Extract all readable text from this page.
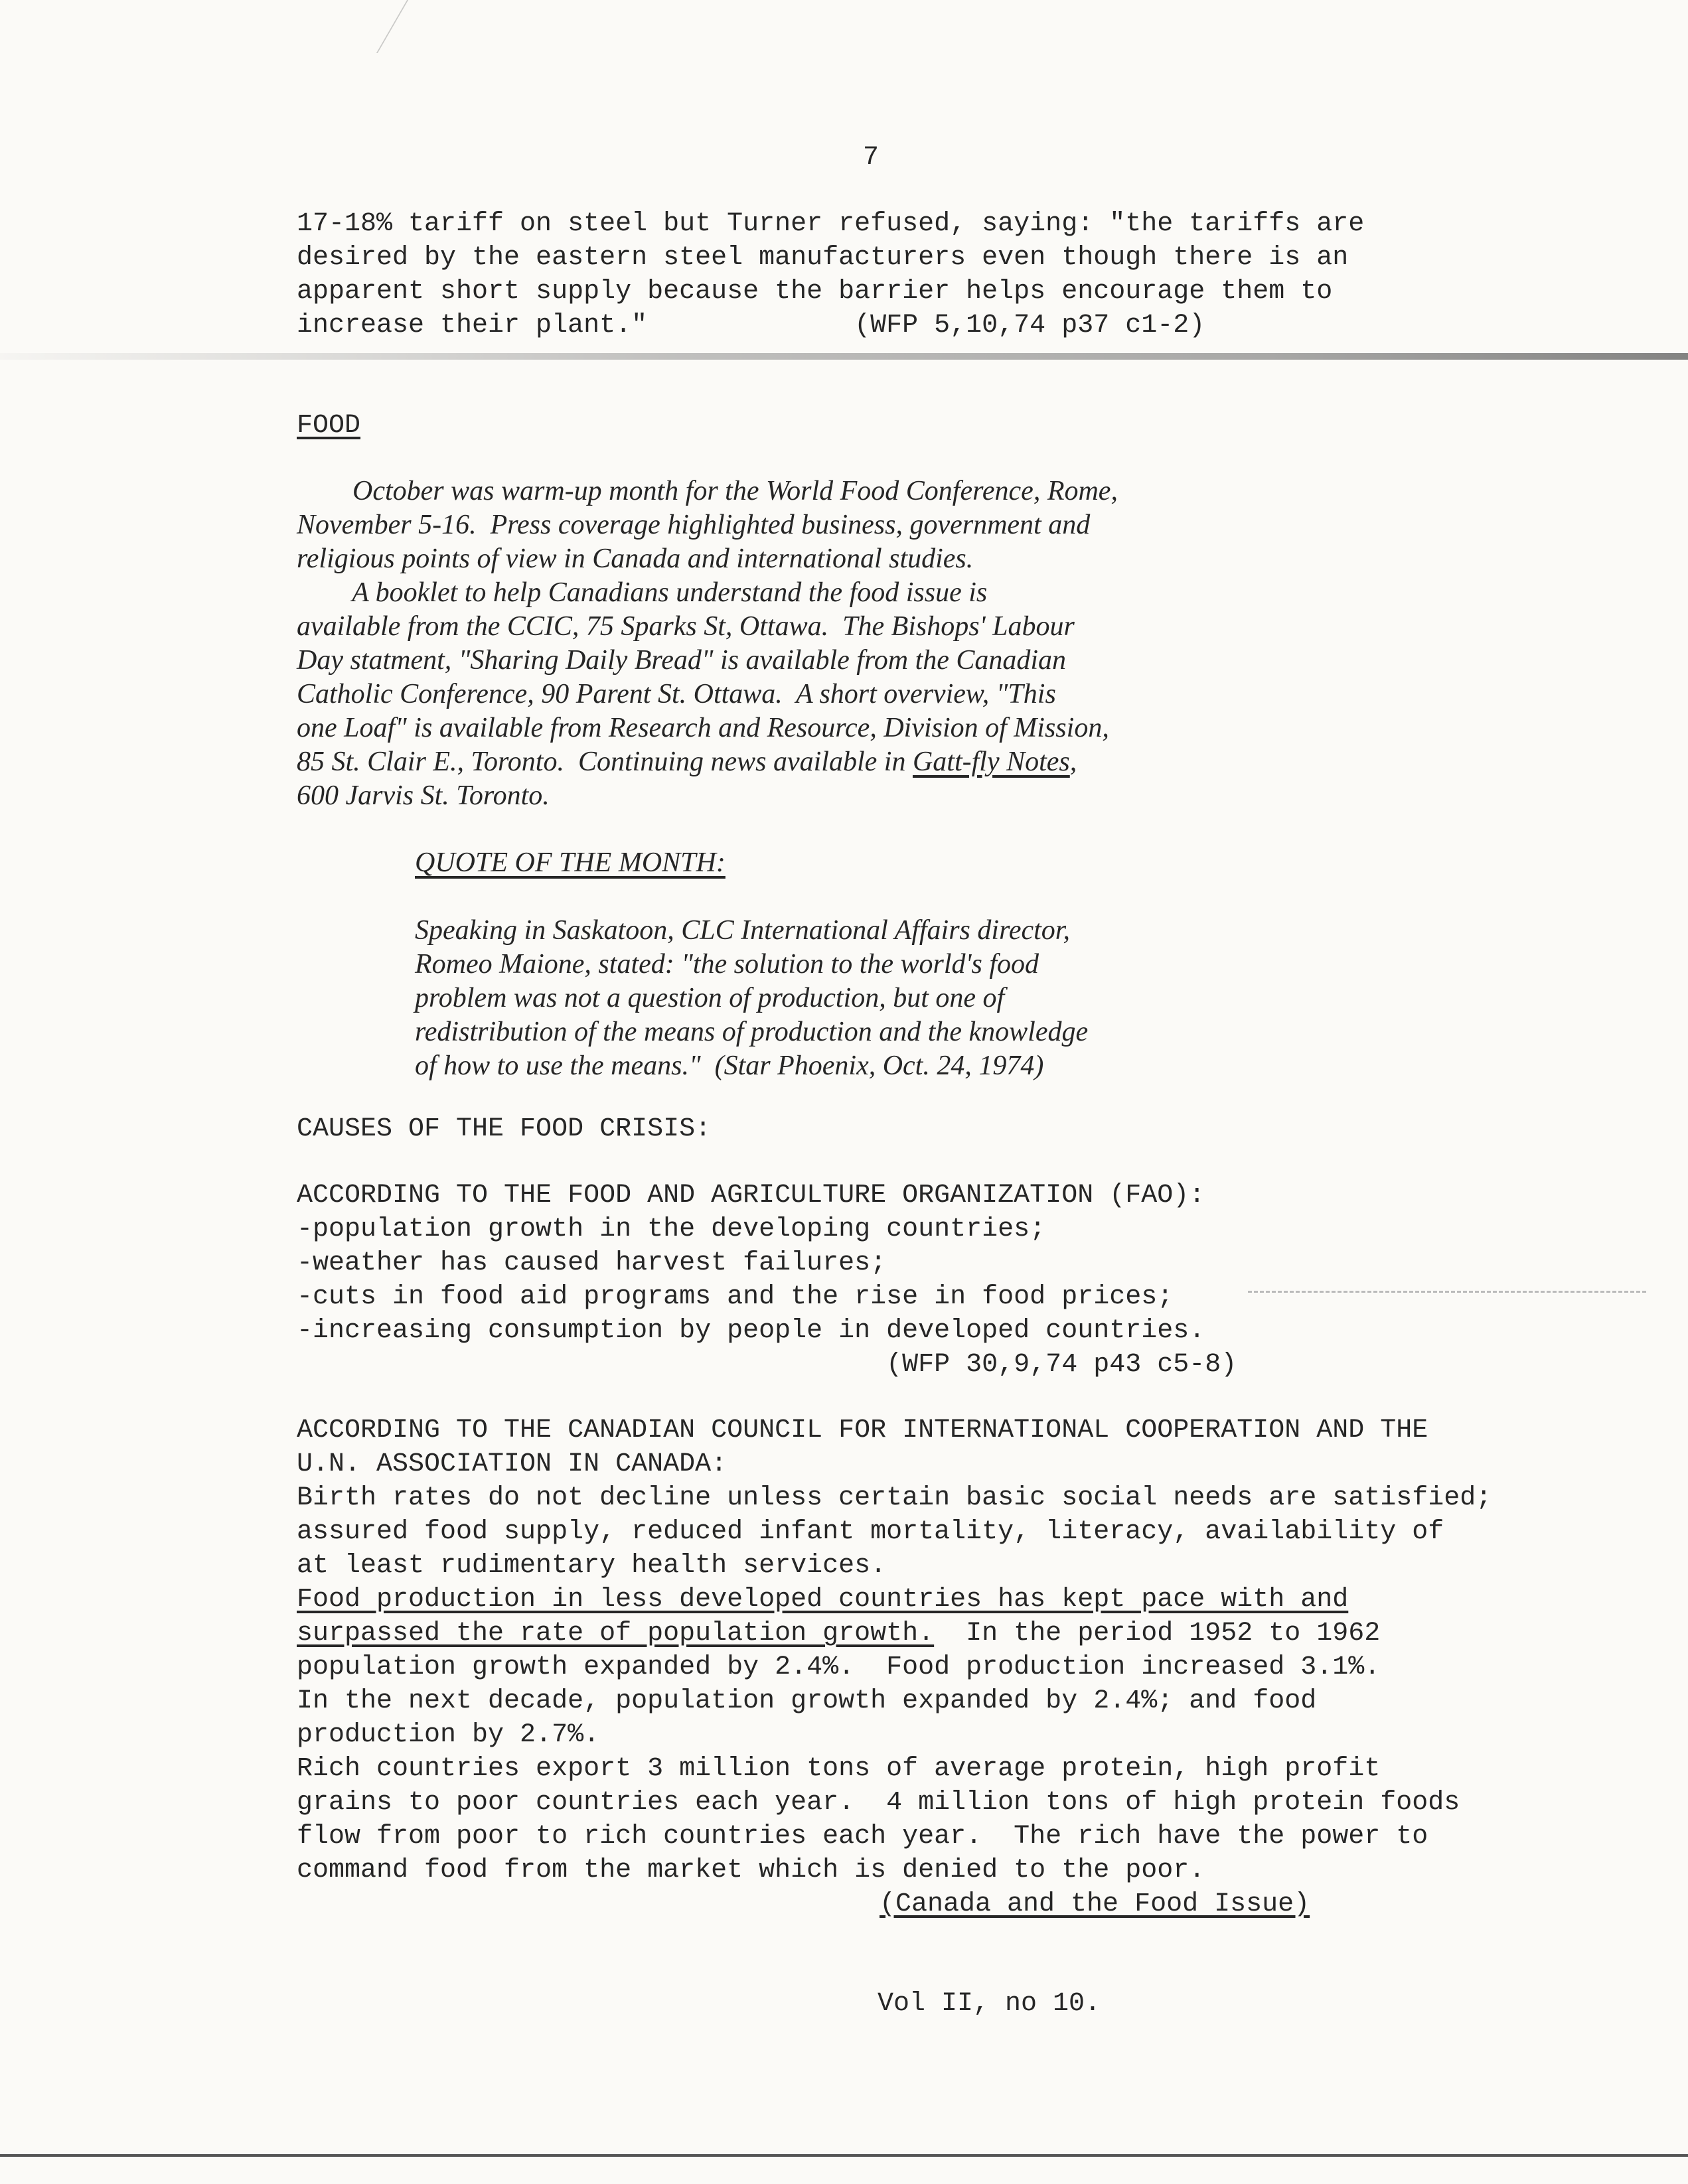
7
17-18% tariff on steel but Turner refused, saying: "the tariffs are
desired by the eastern steel manufacturers even though there is an
apparent short supply because the barrier helps encourage them to
increase their plant."             (WFP 5,10,74 p37 c1-2)
FOOD
October was warm-up month for the World Food Conference, Rome,
November 5-16.  Press coverage highlighted business, government and
religious points of view in Canada and international studies.
A booklet to help Canadians understand the food issue is
available from the CCIC, 75 Sparks St, Ottawa.  The Bishops' Labour
Day statment, "Sharing Daily Bread" is available from the Canadian
Catholic Conference, 90 Parent St. Ottawa.  A short overview, "This
one Loaf" is available from Research and Resource, Division of Mission,
85 St. Clair E., Toronto.  Continuing news available in Gatt-fly Notes,
600 Jarvis St. Toronto.
QUOTE OF THE MONTH:
Speaking in Saskatoon, CLC International Affairs director,
Romeo Maione, stated: "the solution to the world's food
problem was not a question of production, but one of
redistribution of the means of production and the knowledge
of how to use the means."  (Star Phoenix, Oct. 24, 1974)
CAUSES OF THE FOOD CRISIS:
ACCORDING TO THE FOOD AND AGRICULTURE ORGANIZATION (FAO):
-population growth in the developing countries;
-weather has caused harvest failures;
-cuts in food aid programs and the rise in food prices;
-increasing consumption by people in developed countries.
(WFP 30,9,74 p43 c5-8)
ACCORDING TO THE CANADIAN COUNCIL FOR INTERNATIONAL COOPERATION AND THE
U.N. ASSOCIATION IN CANADA:
Birth rates do not decline unless certain basic social needs are satisfied;
assured food supply, reduced infant mortality, literacy, availability of
at least rudimentary health services.
Food production in less developed countries has kept pace with and
surpassed the rate of population growth.  In the period 1952 to 1962
population growth expanded by 2.4%.  Food production increased 3.1%.
In the next decade, population growth expanded by 2.4%; and food
production by 2.7%.
Rich countries export 3 million tons of average protein, high profit
grains to poor countries each year.  4 million tons of high protein foods
flow from poor to rich countries each year.  The rich have the power to
command food from the market which is denied to the poor.
(Canada and the Food Issue)
Vol II, no 10.
